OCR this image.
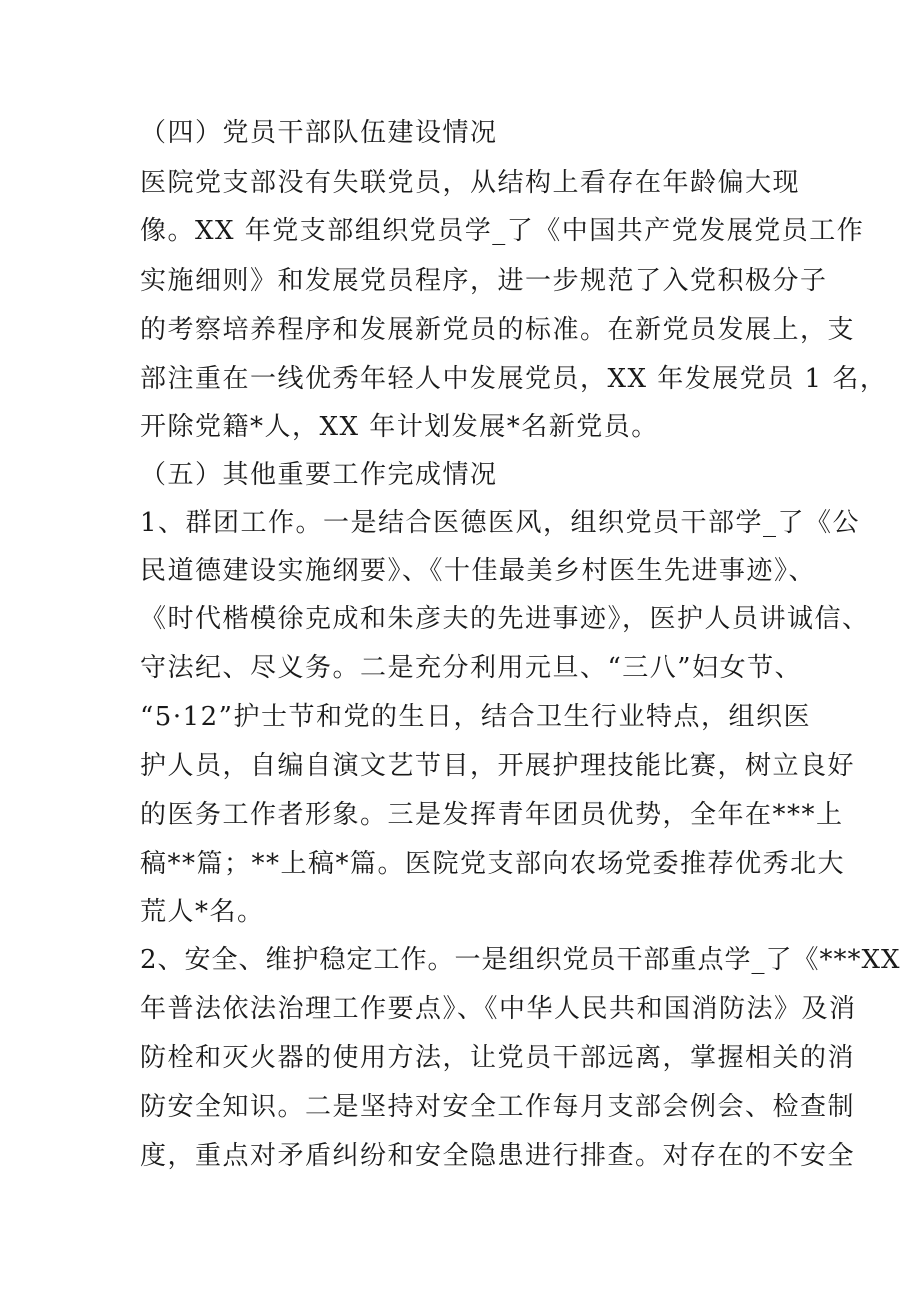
（四）党员干部队伍建设情况
医院党支部没有失联党员，从结构上看存在年龄偏大现
像。XX 年党支部组织党员学_了《中国共产党发展党员工作
实施细则》和发展党员程序，进一步规范了入党积极分子
的考察培养程序和发展新党员的标准。在新党员发展上，支
部注重在一线优秀年轻人中发展党员，XX 年发展党员 1 名，
开除党籍*人，XX 年计划发展*名新党员。
（五）其他重要工作完成情况
1、群团工作。一是结合医德医风，组织党员干部学_了《公
民道德建设实施纲要》、《十佳最美乡村医生先进事迹》、
《时代楷模徐克成和朱彦夫的先进事迹》，医护人员讲诚信、
守法纪、尽义务。二是充分利用元旦、“三八”妇女节、
“5·12”护士节和党的生日，结合卫生行业特点，组织医
护人员，自编自演文艺节目，开展护理技能比赛，树立良好
的医务工作者形象。三是发挥青年团员优势，全年在***上
稿**篇；**上稿*篇。医院党支部向农场党委推荐优秀北大
荒人*名。
2、安全、维护稳定工作。一是组织党员干部重点学_了《***XX
年普法依法治理工作要点》、《中华人民共和国消防法》及消
防栓和灭火器的使用方法，让党员干部远离，掌握相关的消
防安全知识。二是坚持对安全工作每月支部会例会、检查制
度，重点对矛盾纠纷和安全隐患进行排查。对存在的不安全
